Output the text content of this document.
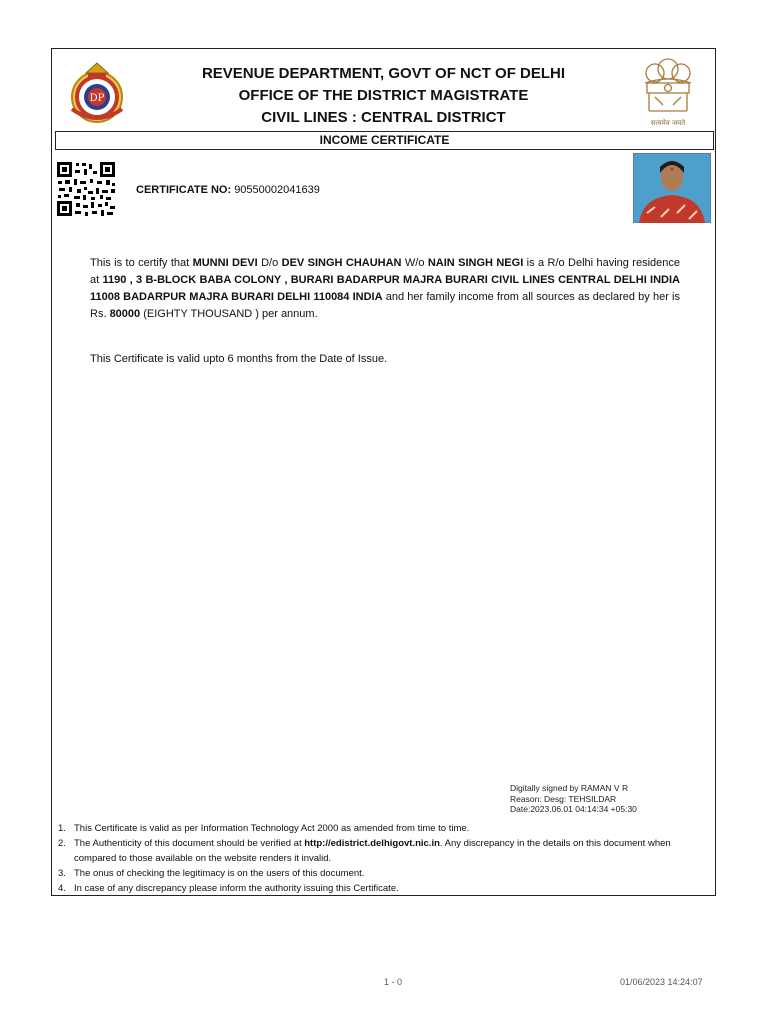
DP
REVENUE DEPARTMENT, GOVT OF NCT OF DELHI
OFFICE OF THE DISTRICT MAGISTRATE
CIVIL LINES : CENTRAL DISTRICT	सत्यमेव जयते
INCOME CERTIFICATE
CERTIFICATE NO: 90550002041639
This is to certify that MUNNI DEVI D/o DEV SINGH CHAUHAN W/o NAIN SINGH NEGI is a R/o Delhi having residence at 1190 , 3 B-BLOCK BABA COLONY , BURARI BADARPUR MAJRA BURARI CIVIL LINES CENTRAL DELHI INDIA 11008 BADARPUR MAJRA BURARI DELHI 110084 INDIA and her family income from all sources as declared by her is Rs. 80000 (EIGHTY THOUSAND ) per annum.
This Certificate is valid upto 6 months from the Date of Issue.
Digitally signed by RAMAN V R
Reason: Desg: TEHSILDAR
Date:2023.06.01 04:14:34 +05:30
1. This Certificate is valid as per Information Technology Act 2000 as amended from time to time.
2. The Authenticity of this document should be verified at http://edistrict.delhigovt.nic.in. Any discrepancy in the details on this document when compared to those available on the website renders it invalid.
3. The onus of checking the legitimacy is on the users of this document.
4. In case of any discrepancy please inform the authority issuing this Certificate.
1 - 0	01/06/2023 14:24:07
